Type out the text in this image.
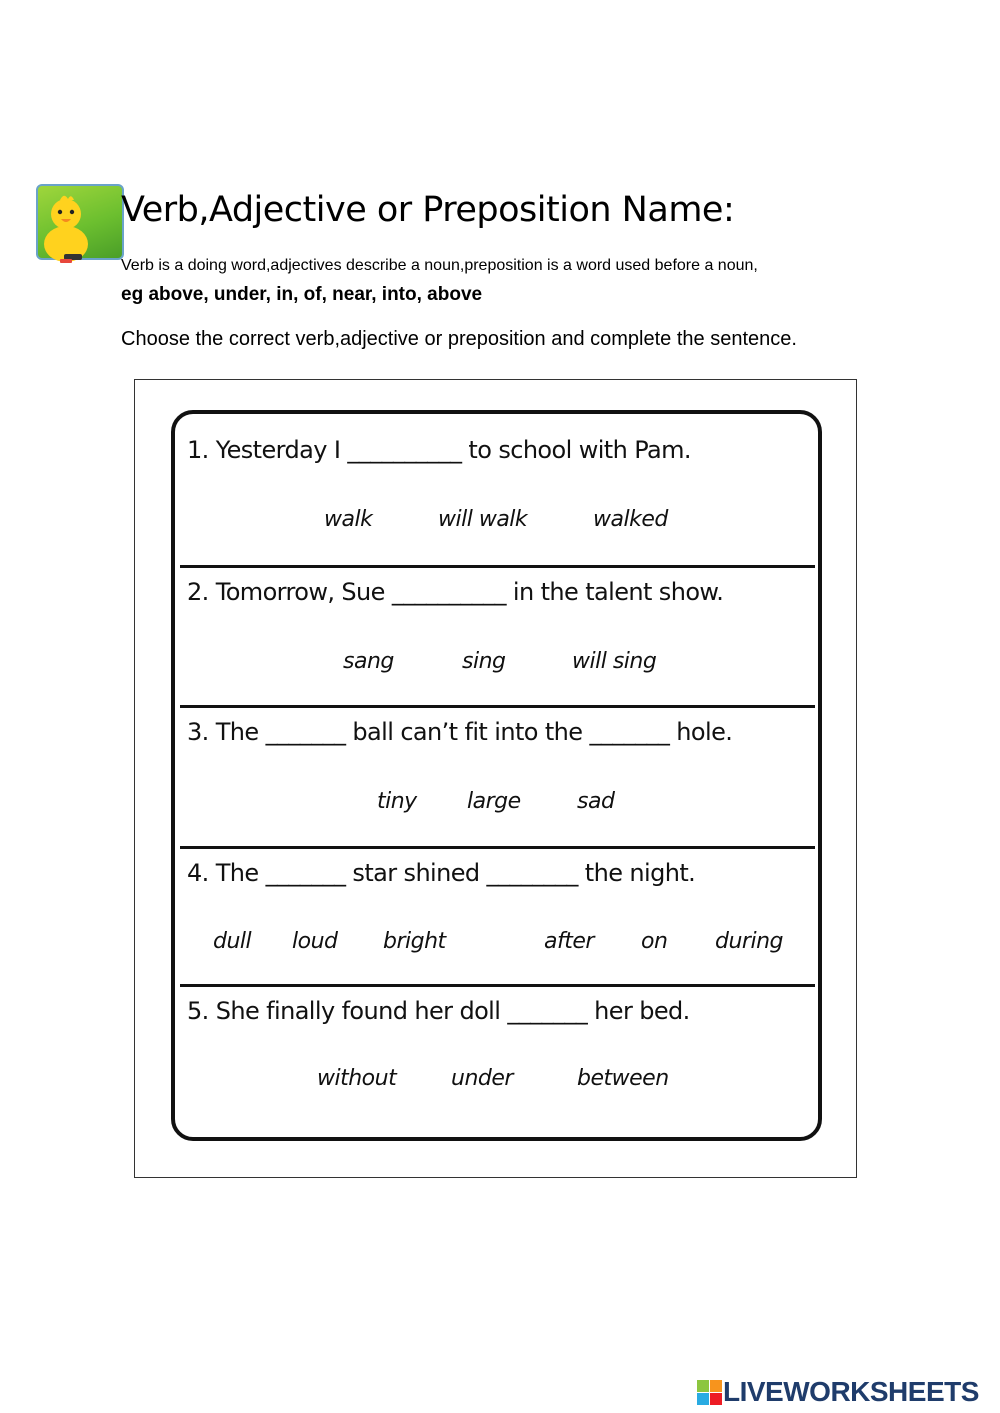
Verb,Adjective or Preposition Name:
Verb is a doing word,adjectives describe a noun,preposition is a word used before a noun,
eg above, under, in, of, near, into, above
Choose the correct verb,adjective or preposition and complete the sentence.
1. Yesterday I __________ to school with Pam.
walk	will walk	walked
2. Tomorrow, Sue __________ in the talent show.
sang	sing	will sing
3. The _______ ball can’t fit into the _______ hole.
tiny large	sad
4. The _______ star shined ________ the night.
dull loud bright	after on during
5. She finally found her doll _______ her bed.
without under	between
LIVEWORKSHEETS
